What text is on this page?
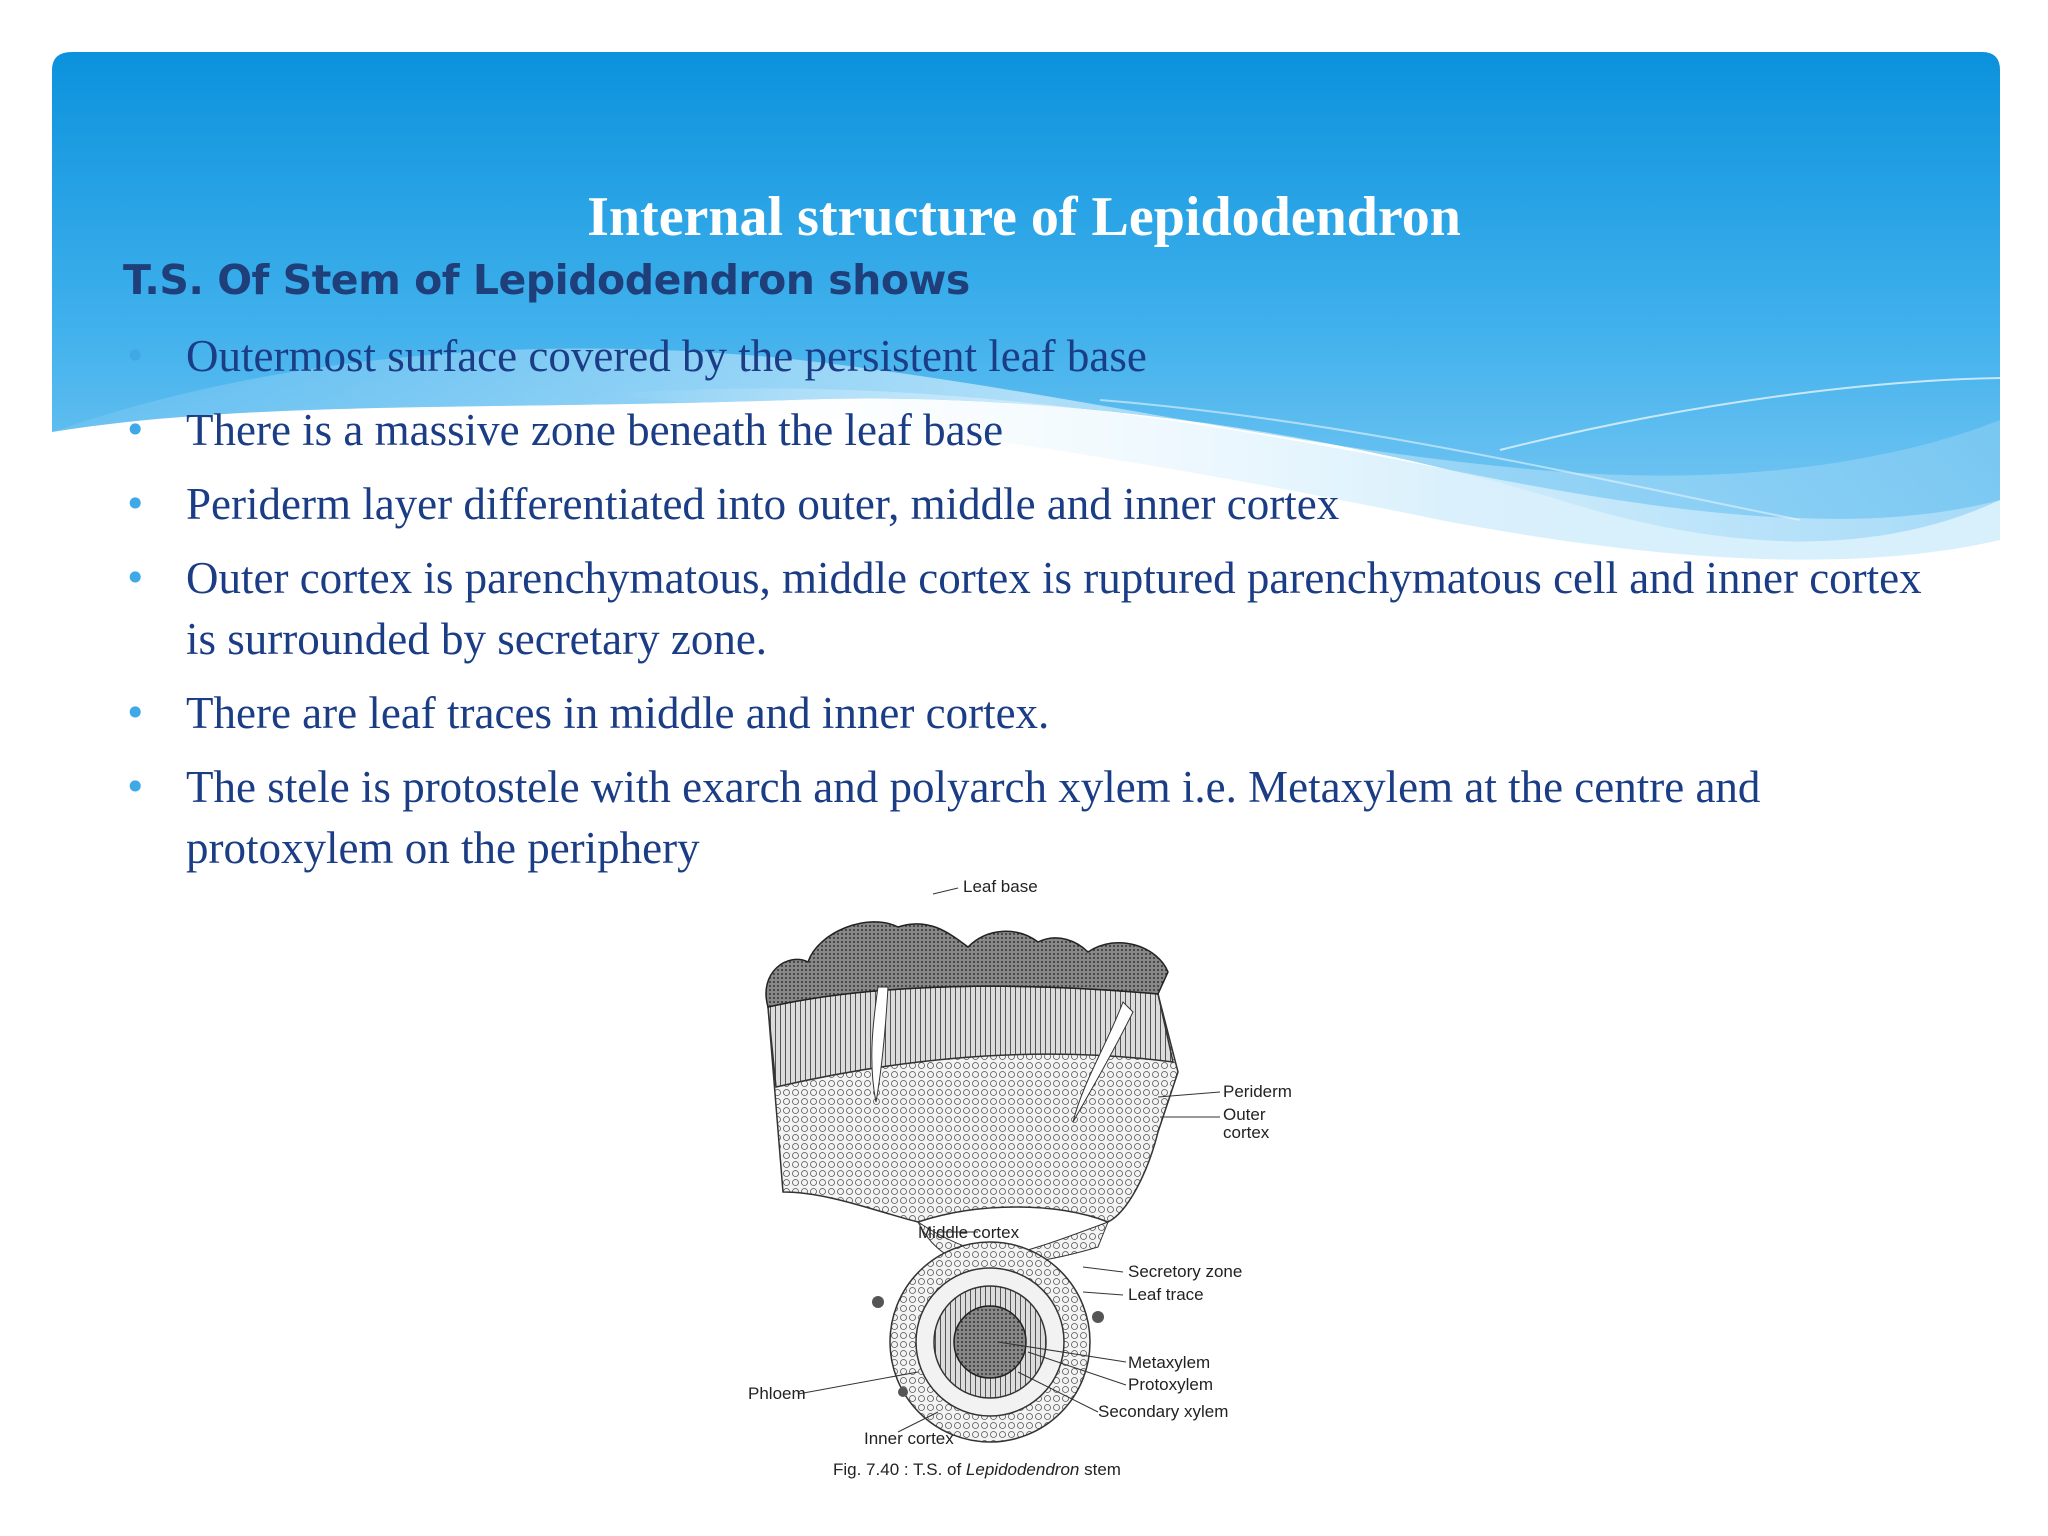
Internal structure of Lepidodendron
T.S. Of Stem of Lepidodendron shows
• Outermost surface covered by the persistent leaf base
• There is a massive zone beneath the leaf base
• Periderm layer differentiated into outer, middle and inner cortex
• Outer cortex is parenchymatous, middle cortex is ruptured parenchymatous cell and inner cortex is surrounded by secretary zone.
• There are leaf traces in middle and inner cortex.
• The stele is protostele with exarch and polyarch xylem i.e. Metaxylem at the centre and protoxylem on the periphery
Leaf base
Periderm
Outer
cortex
Middle cortex
Secretory zone
Leaf trace
Metaxylem
Protoxylem
Secondary xylem
Phloem
Inner cortex
Fig. 7.40 : T.S. of Lepidodendron stem
